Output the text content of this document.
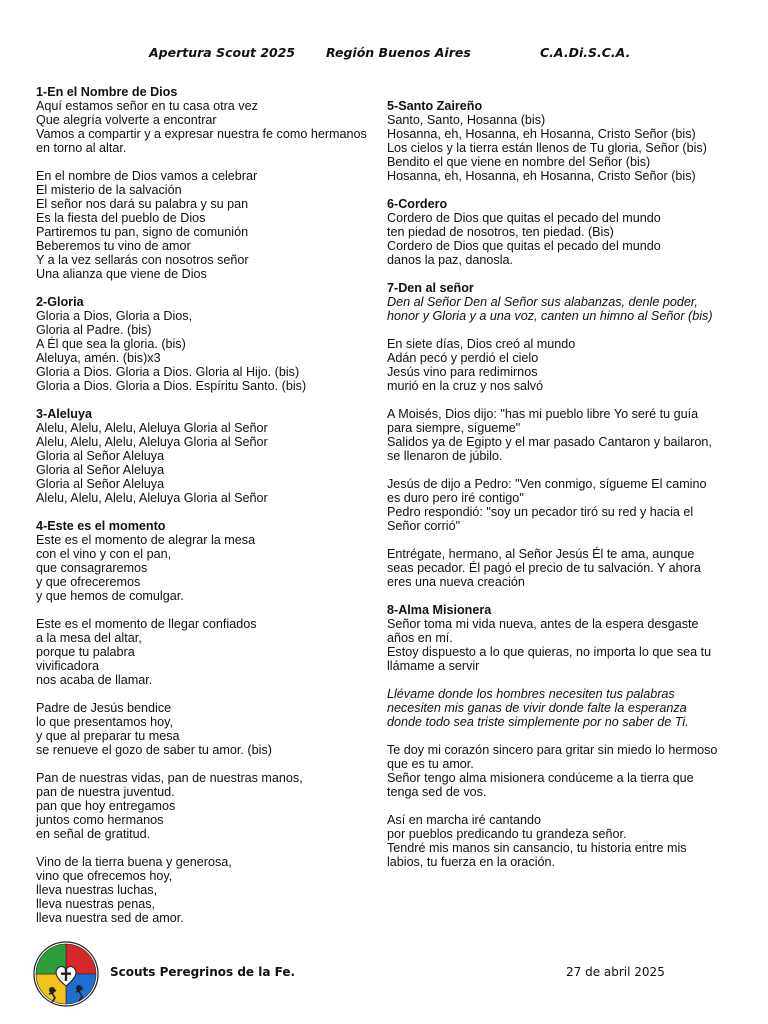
Apertura Scout 2025 Región Buenos Aires	C.A.Di.S.C.A.
1-En el Nombre de Dios
Aquí estamos señor en tu casa otra vez
Que alegría volverte a encontrar
Vamos a compartir y a expresar nuestra fe como hermanos
en torno al altar.
En el nombre de Dios vamos a celebrar
El misterio de la salvación
El señor nos dará su palabra y su pan
Es la fiesta del pueblo de Dios
Partiremos tu pan, signo de comunión
Beberemos tu vino de amor
Y a la vez sellarás con nosotros señor
Una alianza que viene de Dios
2-Gloria
Gloria a Dios, Gloria a Dios,
Gloria al Padre. (bis)
A Él que sea la gloria. (bis)
Aleluya, amén. (bis)x3
Gloria a Dios. Gloria a Dios. Gloria al Hijo. (bis)
Gloria a Dios. Gloria a Dios. Espíritu Santo. (bis)
3-Aleluya
Alelu, Alelu, Alelu, Aleluya Gloria al Señor
Alelu, Alelu, Alelu, Aleluya Gloria al Señor
Gloria al Señor Aleluya
Gloria al Señor Aleluya
Gloria al Señor Aleluya
Alelu, Alelu, Alelu, Aleluya Gloria al Señor
4-Este es el momento
Este es el momento de alegrar la mesa
con el vino y con el pan,
que consagraremos
y que ofreceremos
y que hemos de comulgar.
Este es el momento de llegar confiados
a la mesa del altar,
porque tu palabra
vivificadora
nos acaba de llamar.
Padre de Jesús bendice
lo que presentamos hoy,
y que al preparar tu mesa
se renueve el gozo de saber tu amor. (bis)
Pan de nuestras vidas, pan de nuestras manos,
pan de nuestra juventud.
pan que hoy entregamos
juntos como hermanos
en señal de gratitud.
Vino de la tierra buena y generosa,
vino que ofrecemos hoy,
lleva nuestras luchas,
lleva nuestras penas,
lleva nuestra sed de amor.
5-Santo Zaireño
Santo, Santo, Hosanna (bis)
Hosanna, eh, Hosanna, eh Hosanna, Cristo Señor (bis)
Los cielos y la tierra están llenos de Tu gloria, Señor (bis)
Bendito el que viene en nombre del Señor (bis)
Hosanna, eh, Hosanna, eh Hosanna, Cristo Señor (bis)
6-Cordero
Cordero de Dios que quitas el pecado del mundo
ten piedad de nosotros, ten piedad. (Bis)
Cordero de Dios que quitas el pecado del mundo
danos la paz, danosla.
7-Den al señor
Den al Señor Den al Señor sus alabanzas, denle poder,
honor y Gloria y a una voz, canten un himno al Señor (bis)
En siete días, Dios creó al mundo
Adán pecó y perdió el cielo
Jesús vino para redimirnos
murió en la cruz y nos salvó
A Moisés, Dios dijo: "has mi pueblo libre Yo seré tu guía
para siempre, sígueme"
Salidos ya de Egipto y el mar pasado Cantaron y bailaron,
se llenaron de júbilo.
Jesús de dijo a Pedro: "Ven conmigo, sígueme El camino
es duro pero iré contigo"
Pedro respondió: "soy un pecador tiró su red y hacia el
Señor corrió"
Entrégate, hermano, al Señor Jesús Él te ama, aunque
seas pecador. Él pagó el precio de tu salvación. Y ahora
eres una nueva creación
8-Alma Misionera
Señor toma mi vida nueva, antes de la espera desgaste
años en mí.
Estoy dispuesto a lo que quieras, no importa lo que sea tu
llámame a servir
Llévame donde los hombres necesiten tus palabras
necesiten mis ganas de vivir donde falte la esperanza
donde todo sea triste simplemente por no saber de Ti.
Te doy mi corazón sincero para gritar sin miedo lo hermoso
que es tu amor.
Señor tengo alma misionera condúceme a la tierra que
tenga sed de vos.
Así en marcha iré cantando
por pueblos predicando tu grandeza señor.
Tendré mis manos sin cansancio, tu historia entre mis
labios, tu fuerza en la oración.
Scouts Peregrinos de la Fe.	27 de abril 2025
